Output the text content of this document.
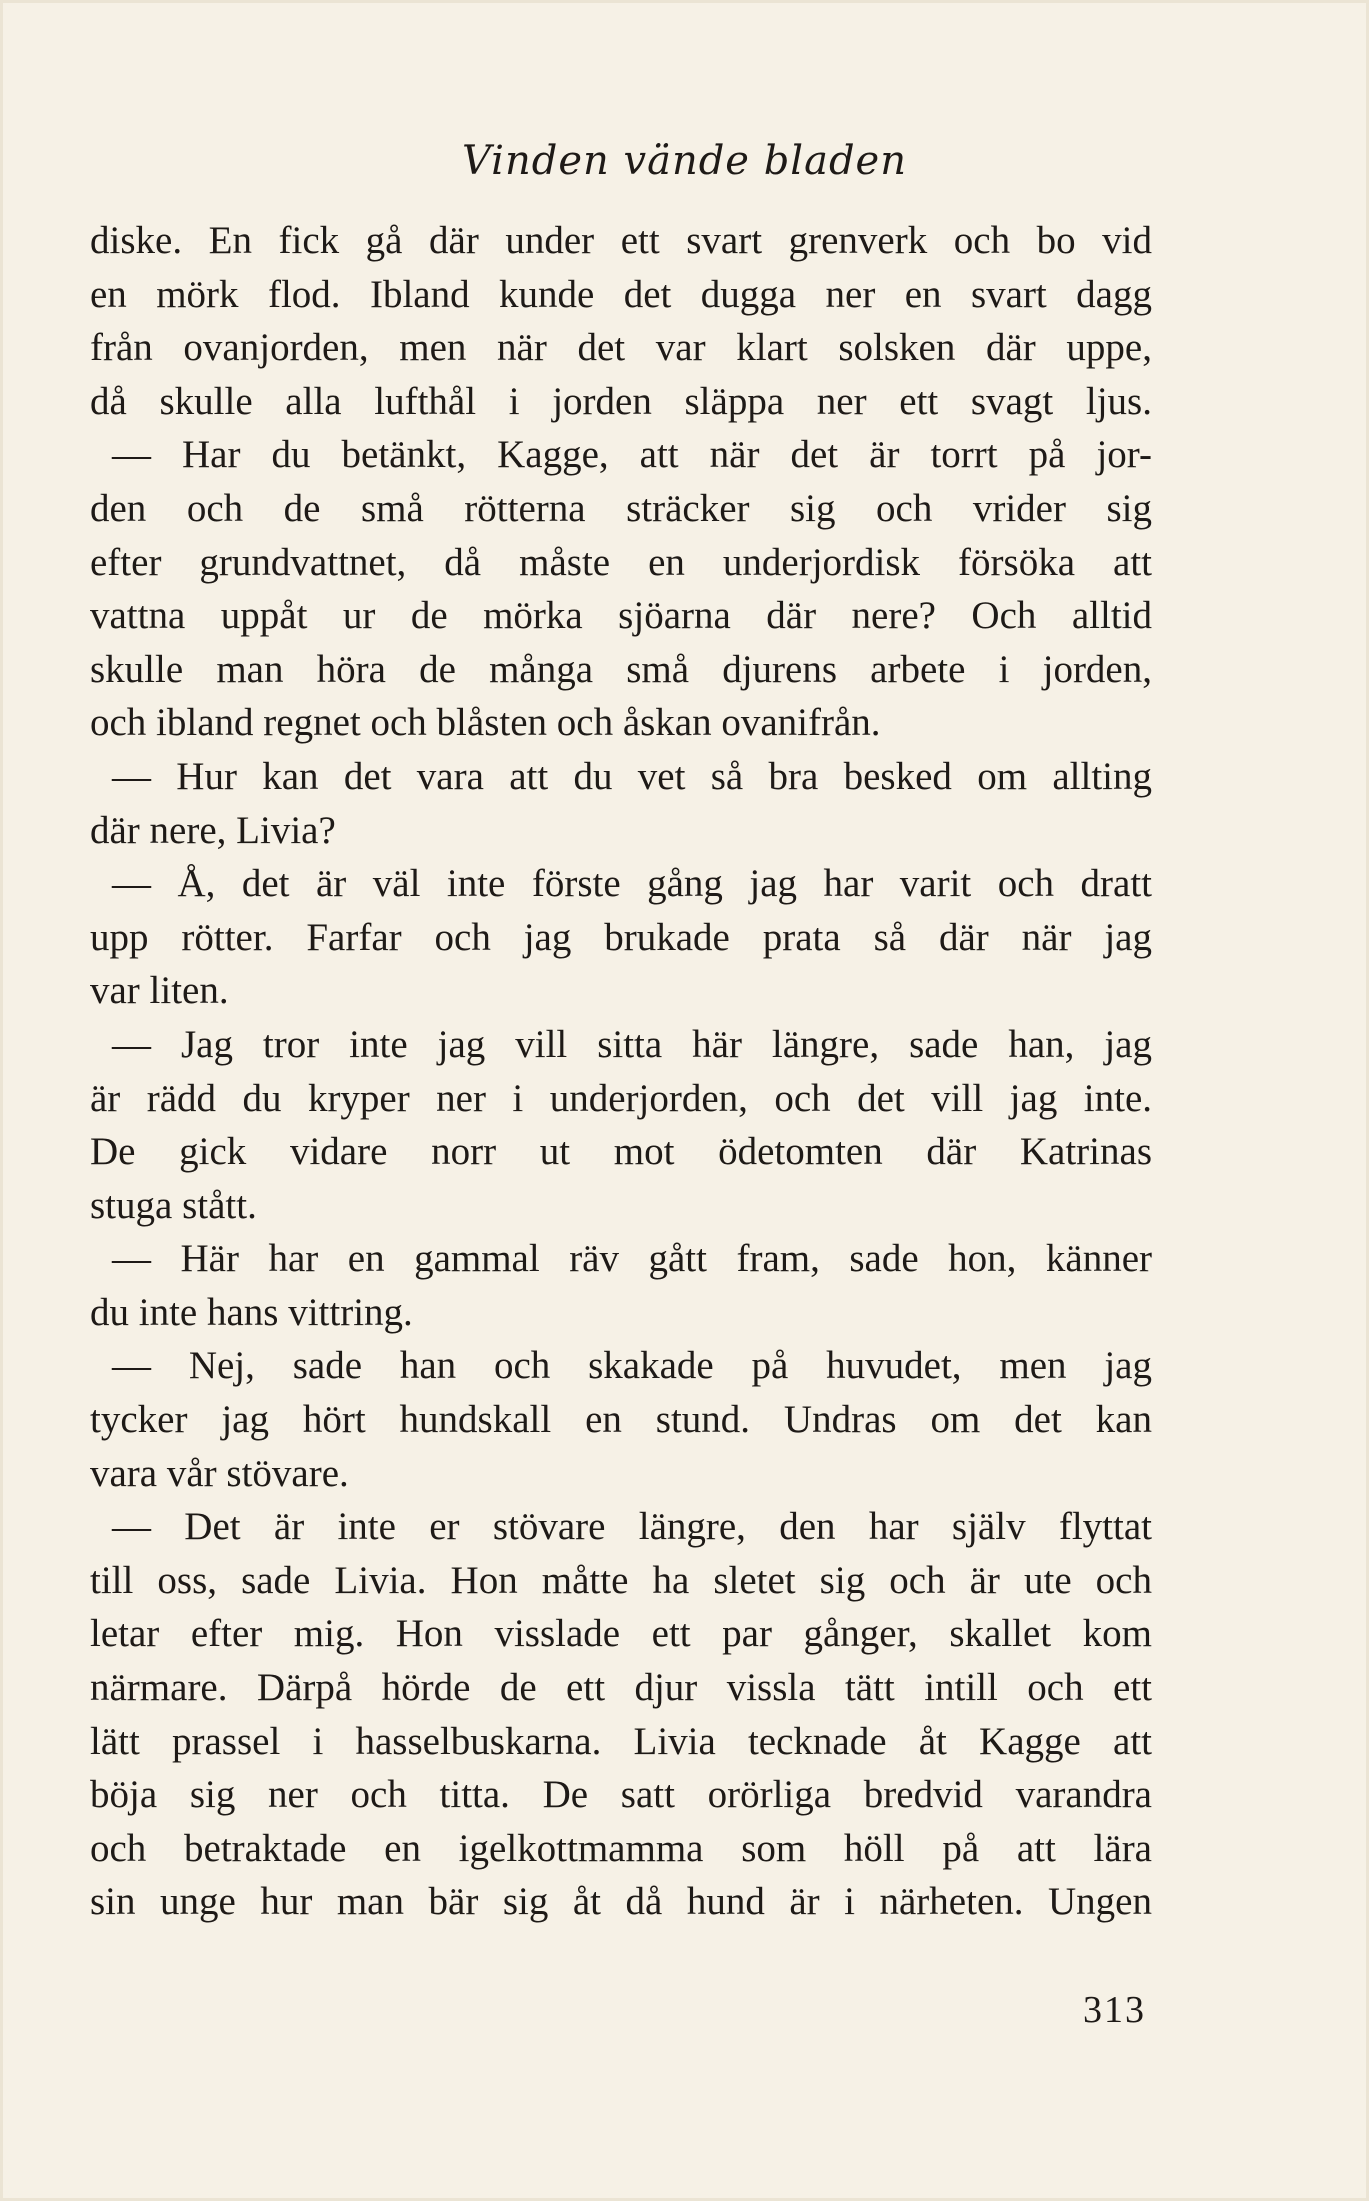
Vinden vände bladen
diske. En fick gå där under ett svart grenverk och bo vid
en mörk flod. Ibland kunde det dugga ner en svart dagg
från ovanjorden, men när det var klart solsken där uppe,
då skulle alla lufthål i jorden släppa ner ett svagt ljus.
— Har du betänkt, Kagge, att när det är torrt på jor-
den och de små rötterna sträcker sig och vrider sig
efter grundvattnet, då måste en underjordisk försöka att
vattna uppåt ur de mörka sjöarna där nere? Och alltid
skulle man höra de många små djurens arbete i jorden,
och ibland regnet och blåsten och åskan ovanifrån.
— Hur kan det vara att du vet så bra besked om allting
där nere, Livia?
— Å, det är väl inte förste gång jag har varit och dratt
upp rötter. Farfar och jag brukade prata så där när jag
var liten.
— Jag tror inte jag vill sitta här längre, sade han, jag
är rädd du kryper ner i underjorden, och det vill jag inte.
De gick vidare norr ut mot ödetomten där Katrinas
stuga stått.
— Här har en gammal räv gått fram, sade hon, känner
du inte hans vittring.
— Nej, sade han och skakade på huvudet, men jag
tycker jag hört hundskall en stund. Undras om det kan
vara vår stövare.
— Det är inte er stövare längre, den har själv flyttat
till oss, sade Livia. Hon måtte ha sletet sig och är ute och
letar efter mig. Hon visslade ett par gånger, skallet kom
närmare. Därpå hörde de ett djur vissla tätt intill och ett
lätt prassel i hasselbuskarna. Livia tecknade åt Kagge att
böja sig ner och titta. De satt orörliga bredvid varandra
och betraktade en igelkottmamma som höll på att lära
sin unge hur man bär sig åt då hund är i närheten. Ungen
313
